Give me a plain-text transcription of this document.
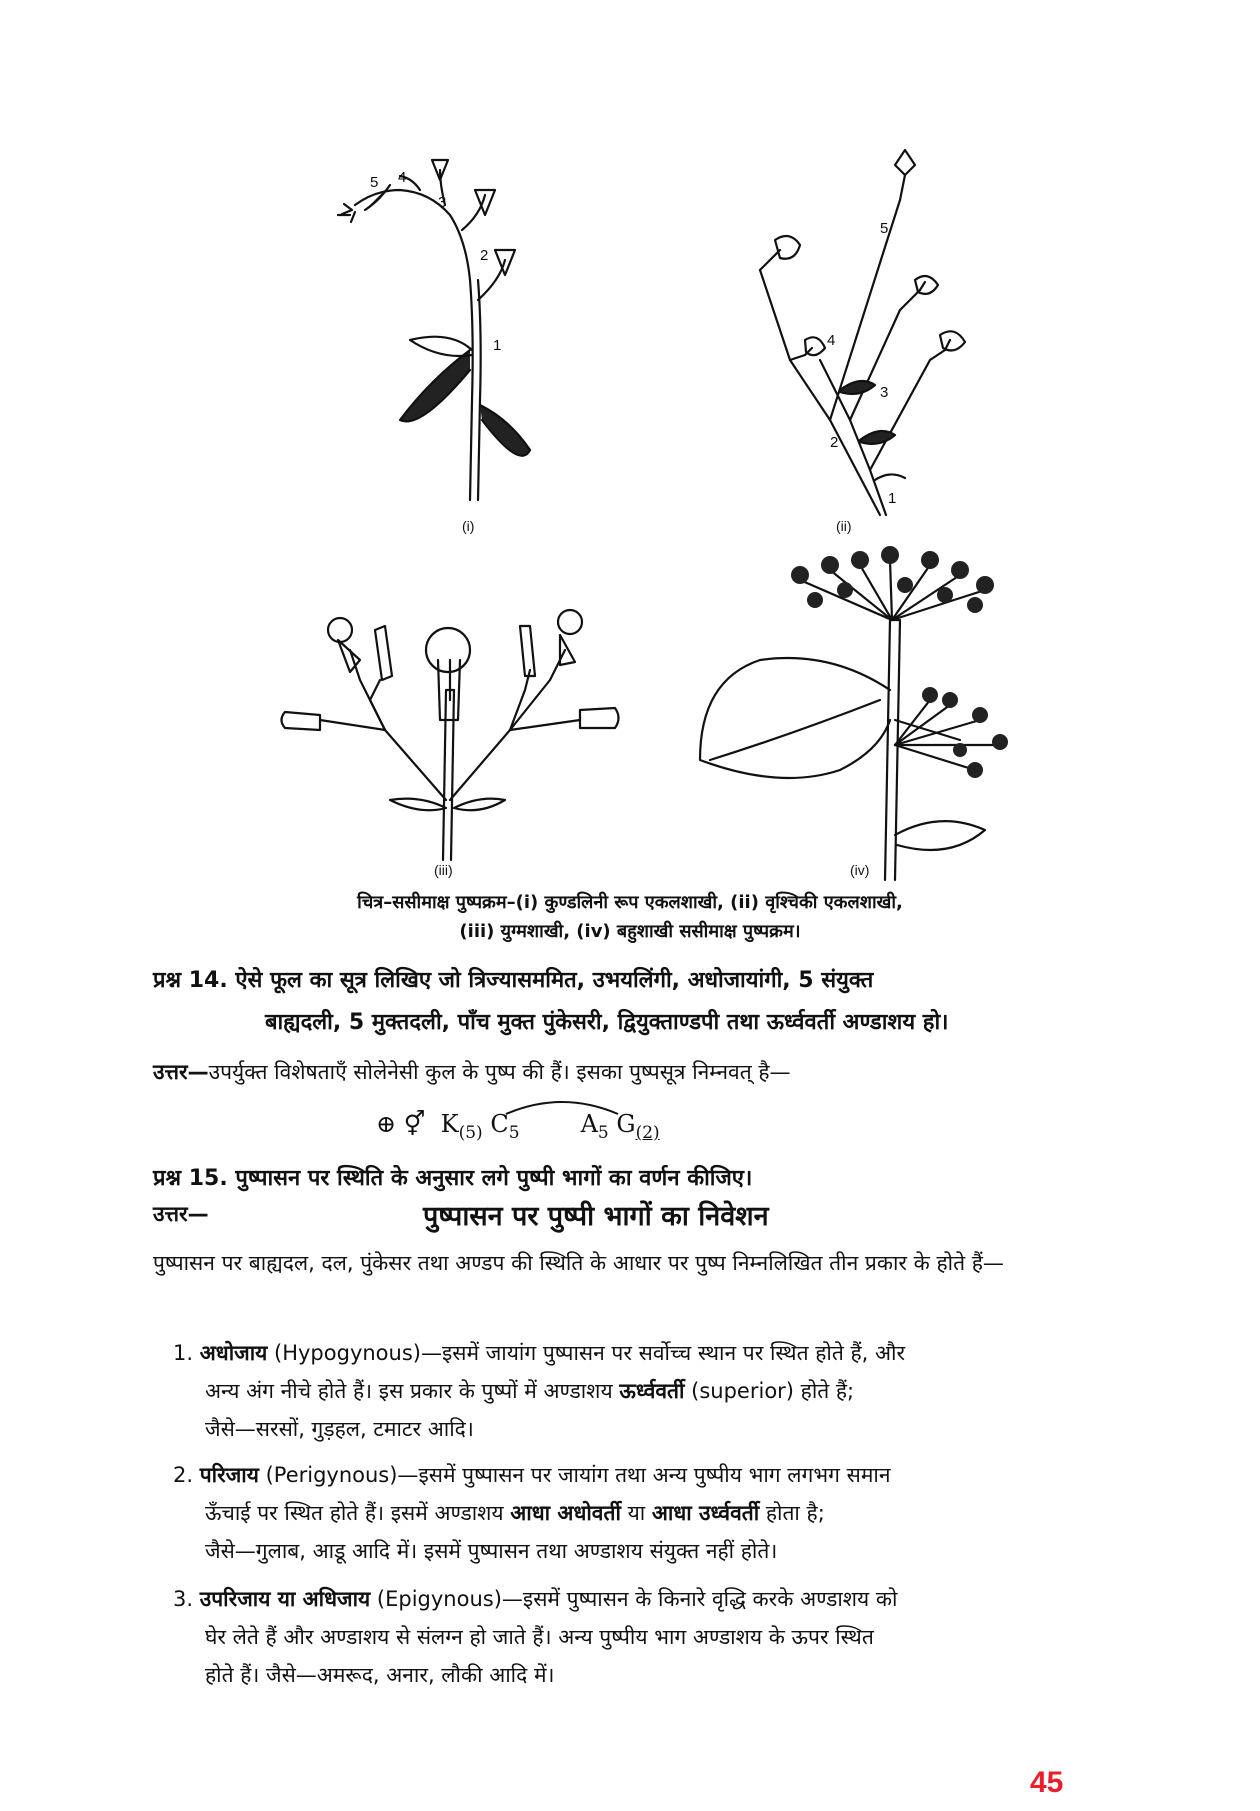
5 4
3
2
1
5
4
3
2
1
(i)	(ii)
(iii)	(iv)
चित्र–ससीमाक्ष पुष्पक्रम–(i) कुण्डलिनी रूप एकलशाखी, (ii) वृश्चिकी एकलशाखी,
(iii) युग्मशाखी, (iv) बहुशाखी ससीमाक्ष पुष्पक्रम।
प्रश्न 14. ऐसे फूल का सूत्र लिखिए जो त्रिज्यासममित, उभयलिंगी, अधोजायांगी, 5 संयुक्त
बाह्यदली, 5 मुक्तदली, पाँच मुक्त पुंकेसरी, द्वियुक्ताण्डपी तथा ऊर्ध्ववर्ती अण्डाशय हो।
उत्तर—उपर्युक्त विशेषताएँ सोलेनेसी कुल के पुष्प की हैं। इसका पुष्पसूत्र निम्नवत् है—
⊕ ⚥ $K_{(5)}$ $C_5$	$A_5$ $G_{(2)}$
प्रश्न 15. पुष्पासन पर स्थिति के अनुसार लगे पुष्पी भागों का वर्णन कीजिए।
उत्तर—	पुष्पासन पर पुष्पी भागों का निवेशन
पुष्पासन पर बाह्यदल, दल, पुंकेसर तथा अण्डप की स्थिति के आधार पर पुष्प निम्नलिखित तीन प्रकार के होते हैं—
1. अधोजाय (Hypogynous)—इसमें जायांग पुष्पासन पर सर्वोच्च स्थान पर स्थित होते हैं, और
अन्य अंग नीचे होते हैं। इस प्रकार के पुष्पों में अण्डाशय ऊर्ध्ववर्ती (superior) होते हैं;
जैसे—सरसों, गुड़हल, टमाटर आदि।
2. परिजाय (Perigynous)—इसमें पुष्पासन पर जायांग तथा अन्य पुष्पीय भाग लगभग समान
ऊँचाई पर स्थित होते हैं। इसमें अण्डाशय आधा अधोवर्ती या आधा उर्ध्ववर्ती होता है;
जैसे—गुलाब, आडू आदि में। इसमें पुष्पासन तथा अण्डाशय संयुक्त नहीं होते।
3. उपरिजाय या अधिजाय (Epigynous)—इसमें पुष्पासन के किनारे वृद्धि करके अण्डाशय को
घेर लेते हैं और अण्डाशय से संलग्न हो जाते हैं। अन्य पुष्पीय भाग अण्डाशय के ऊपर स्थित
होते हैं। जैसे—अमरूद, अनार, लौकी आदि में।
45
